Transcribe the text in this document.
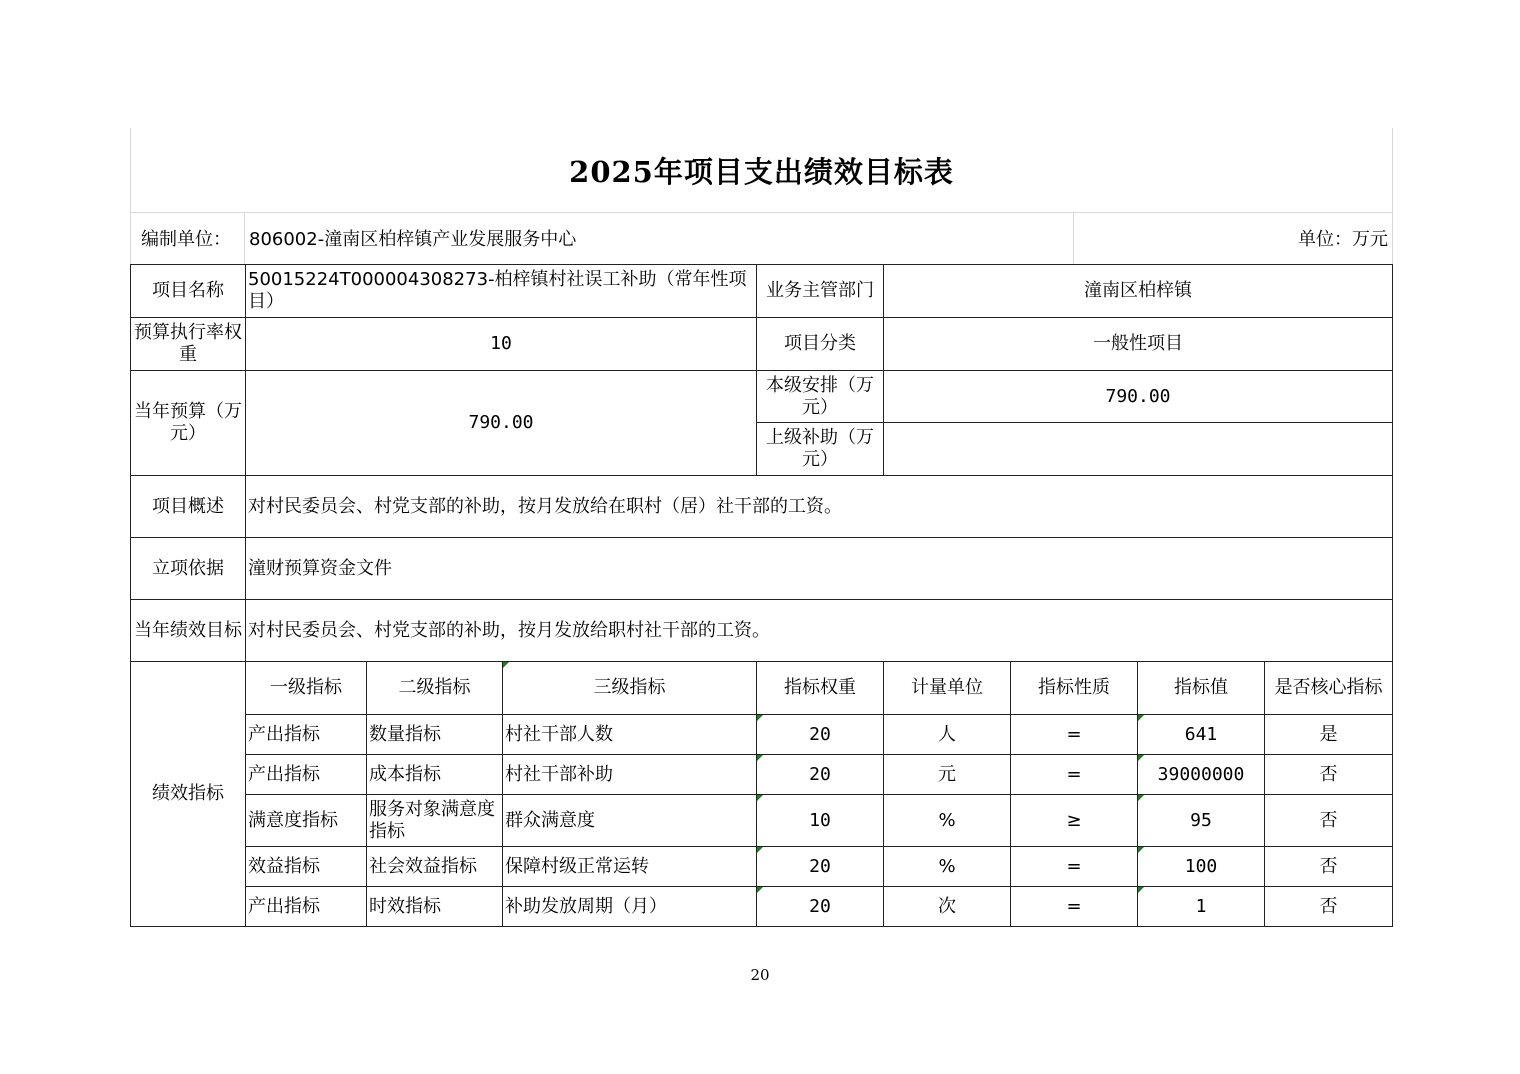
2025年项目支出绩效目标表
编制单位：	806002-潼南区柏梓镇产业发展服务中心	单位：万元
项目名称	50015224T000004308273-柏梓镇村社误工补助（常年性项目）			业务主管部门	潼南区柏梓镇			
预算执行率权重	10			项目分类	一般性项目			
当年预算（万元）	790.00			本级安排（万元）	790.00			
				上级补助（万元）				
项目概述	对村民委员会、村党支部的补助，按月发放给在职村（居）社干部的工资。							
立项依据	潼财预算资金文件							
当年绩效目标	对村民委员会、村党支部的补助，按月发放给职村社干部的工资。							
绩效指标	一级指标	二级指标	三级指标	指标权重	计量单位	指标性质	指标值	是否核心指标
	产出指标	数量指标	村社干部人数	20	人	=	641	是
	产出指标	成本指标	村社干部补助	20	元	=	39000000	否
	满意度指标	服务对象满意度指标	群众满意度	10	%	≥	95	否
	效益指标	社会效益指标	保障村级正常运转	20	%	=	100	否
	产出指标	时效指标	补助发放周期（月）	20	次	=	1	否
20
